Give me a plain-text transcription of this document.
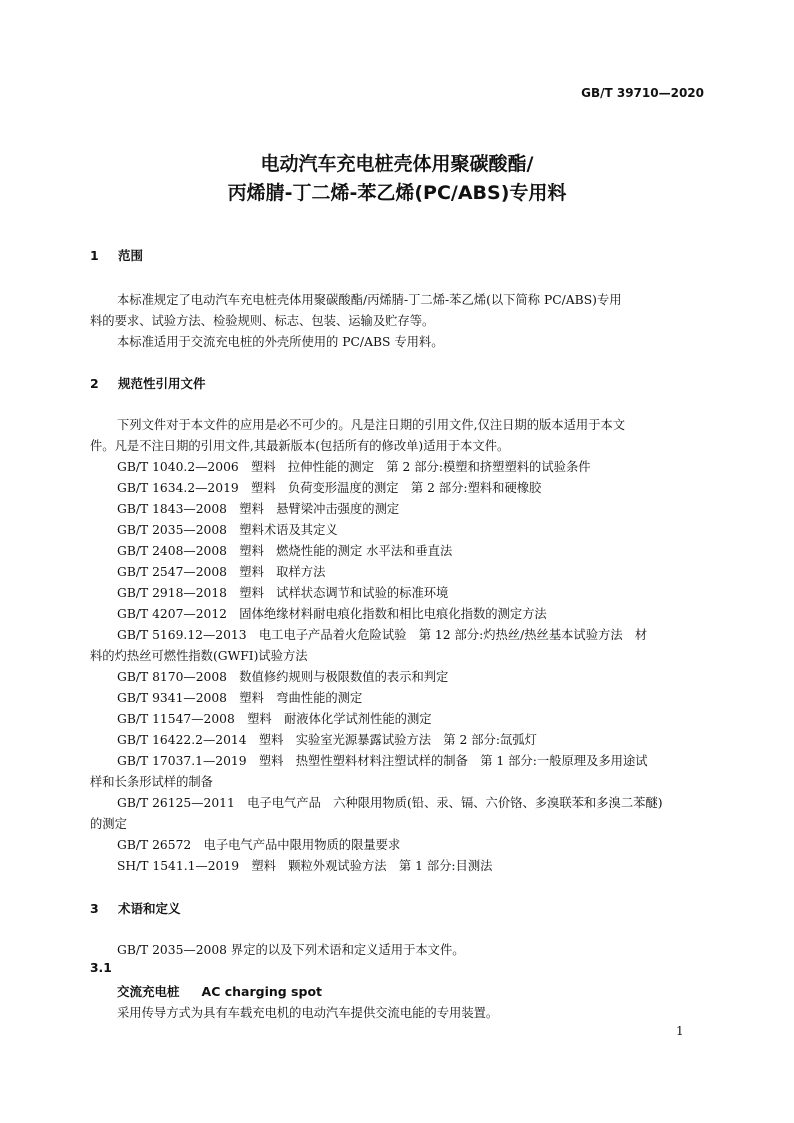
GB/T 39710—2020
电动汽车充电桩壳体用聚碳酸酯/
丙烯腈-丁二烯-苯乙烯(PC/ABS)专用料
1 范围
本标准规定了电动汽车充电桩壳体用聚碳酸酯/丙烯腈-丁二烯-苯乙烯(以下简称 PC/ABS)专用
料的要求、试验方法、检验规则、标志、包装、运输及贮存等。
本标准适用于交流充电桩的外壳所使用的 PC/ABS 专用料。
2 规范性引用文件
下列文件对于本文件的应用是必不可少的。凡是注日期的引用文件,仅注日期的版本适用于本文
件。凡是不注日期的引用文件,其最新版本(包括所有的修改单)适用于本文件。
GB/T 1040.2—2006　塑料　拉伸性能的测定　第 2 部分:模塑和挤塑塑料的试验条件
GB/T 1634.2—2019　塑料　负荷变形温度的测定　第 2 部分:塑料和硬橡胶
GB/T 1843—2008　塑料　悬臂梁冲击强度的测定
GB/T 2035—2008　塑料术语及其定义
GB/T 2408—2008　塑料　燃烧性能的测定 水平法和垂直法
GB/T 2547—2008　塑料　取样方法
GB/T 2918—2018　塑料　试样状态调节和试验的标准环境
GB/T 4207—2012　固体绝缘材料耐电痕化指数和相比电痕化指数的测定方法
GB/T 5169.12—2013　电工电子产品着火危险试验　第 12 部分:灼热丝/热丝基本试验方法　材
料的灼热丝可燃性指数(GWFI)试验方法
GB/T 8170—2008　数值修约规则与极限数值的表示和判定
GB/T 9341—2008　塑料　弯曲性能的测定
GB/T 11547—2008　塑料　耐液体化学试剂性能的测定
GB/T 16422.2—2014　塑料　实验室光源暴露试验方法　第 2 部分:氙弧灯
GB/T 17037.1—2019　塑料　热塑性塑料材料注塑试样的制备　第 1 部分:一般原理及多用途试
样和长条形试样的制备
GB/T 26125—2011　电子电气产品　六种限用物质(铅、汞、镉、六价铬、多溴联苯和多溴二苯醚)
的测定
GB/T 26572　电子电气产品中限用物质的限量要求
SH/T 1541.1—2019　塑料　颗粒外观试验方法　第 1 部分:目测法
3 术语和定义
GB/T 2035—2008 界定的以及下列术语和定义适用于本文件。
3.1
交流充电桩 AC charging spot
采用传导方式为具有车载充电机的电动汽车提供交流电能的专用装置。
1
